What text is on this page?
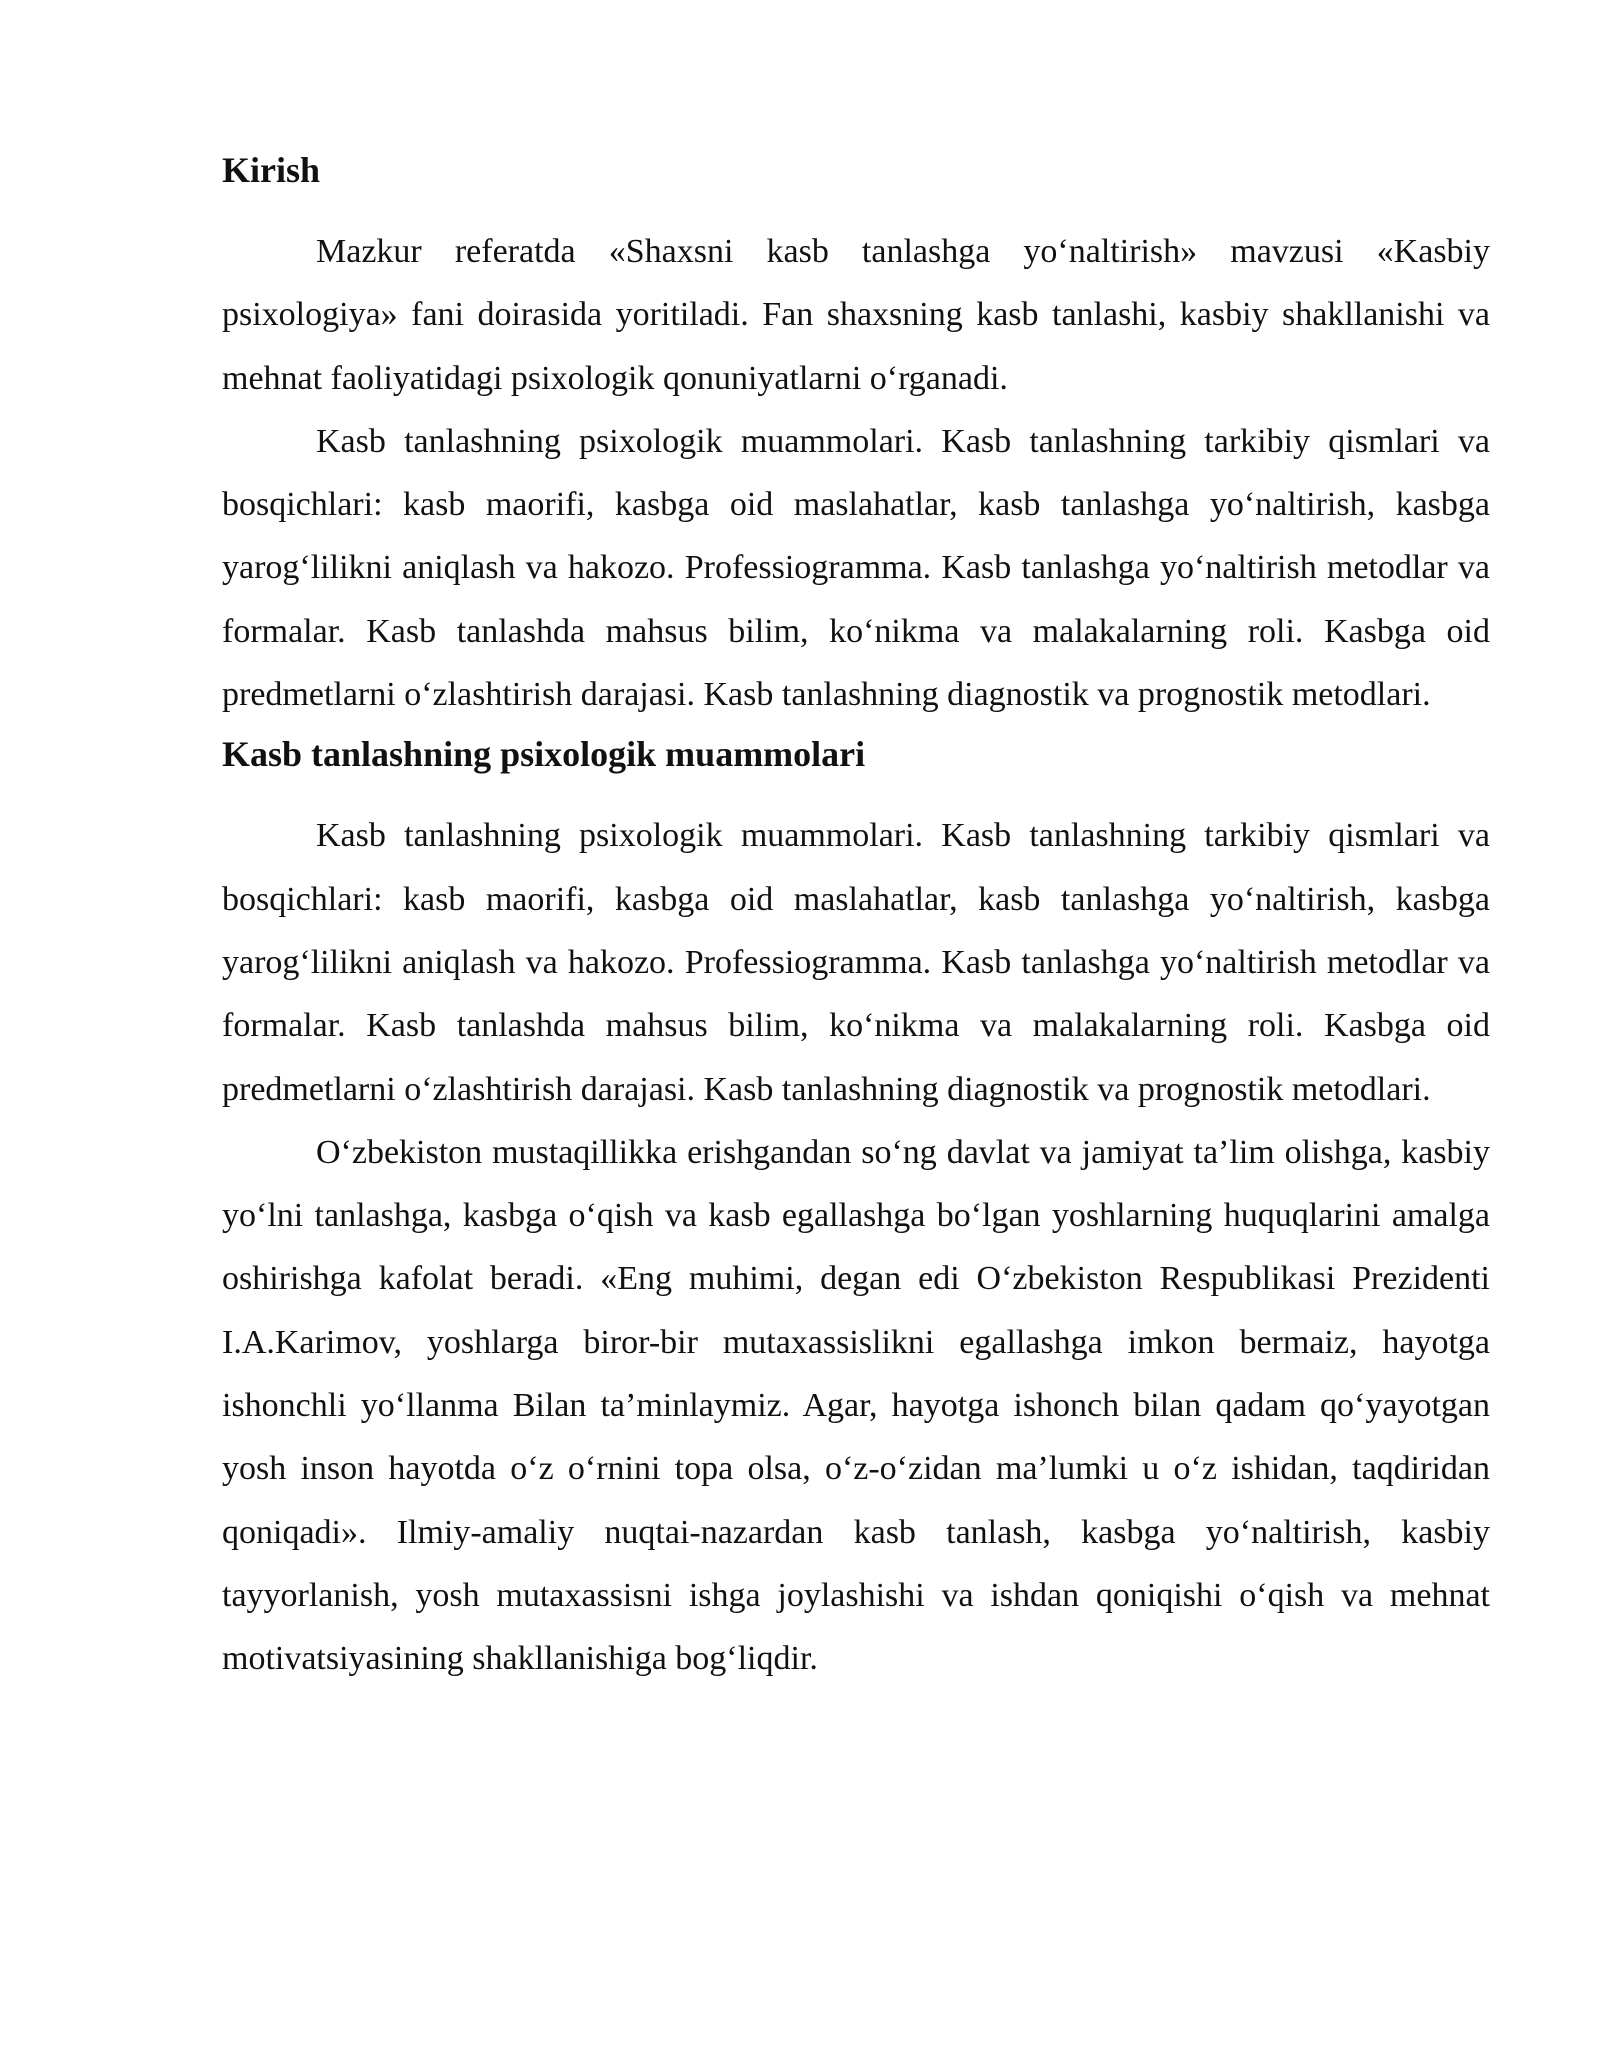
Kirish

Mazkur referatda «Shaxsni kasb tanlashga yo‘naltirish» mavzusi «Kasbiy psixologiya» fani doirasida yoritiladi. Fan shaxsning kasb tanlashi, kasbiy shakllanishi va mehnat faoliyatidagi psixologik qonuniyatlarni o‘rganadi.

Kasb tanlashning psixologik muammolari. Kasb tanlashning tarkibiy qismlari va bosqichlari: kasb maorifi, kasbga oid maslahatlar, kasb tanlashga yo‘naltirish, kasbga yarog‘lilikni aniqlash va hakozo. Professiogramma. Kasb tanlashga yo‘naltirish metodlar va formalar. Kasb tanlashda mahsus bilim, ko‘nikma va malakalarning roli. Kasbga oid predmetlarni o‘zlashtirish darajasi. Kasb tanlashning diagnostik va prognostik metodlari.

Kasb tanlashning psixologik muammolari

Kasb tanlashning psixologik muammolari. Kasb tanlashning tarkibiy qismlari va bosqichlari: kasb maorifi, kasbga oid maslahatlar, kasb tanlashga yo‘naltirish, kasbga yarog‘lilikni aniqlash va hakozo. Professiogramma. Kasb tanlashga yo‘naltirish metodlar va formalar. Kasb tanlashda mahsus bilim, ko‘nikma va malakalarning roli. Kasbga oid predmetlarni o‘zlashtirish darajasi. Kasb tanlashning diagnostik va prognostik metodlari.

O‘zbekiston mustaqillikka erishgandan so‘ng davlat va jamiyat ta’lim olishga, kasbiy yo‘lni tanlashga, kasbga o‘qish va kasb egallashga bo‘lgan yoshlarning huquqlarini amalga oshirishga kafolat beradi. «Eng muhimi, degan edi O‘zbekiston Respublikasi Prezidenti I.A.Karimov, yoshlarga biror-bir mutaxassislikni egallashga imkon bermaiz, hayotga ishonchli yo‘llanma Bilan ta’minlaymiz. Agar, hayotga ishonch bilan qadam qo‘yayotgan yosh inson hayotda o‘z o‘rnini topa olsa, o‘z-o‘zidan ma’lumki u o‘z ishidan, taqdiridan qoniqadi». Ilmiy-amaliy nuqtai-nazardan kasb tanlash, kasbga yo‘naltirish, kasbiy tayyorlanish, yosh mutaxassisni ishga joylashishi va ishdan qoniqishi o‘qish va mehnat motivatsiyasining shakllanishiga bog‘liqdir.
